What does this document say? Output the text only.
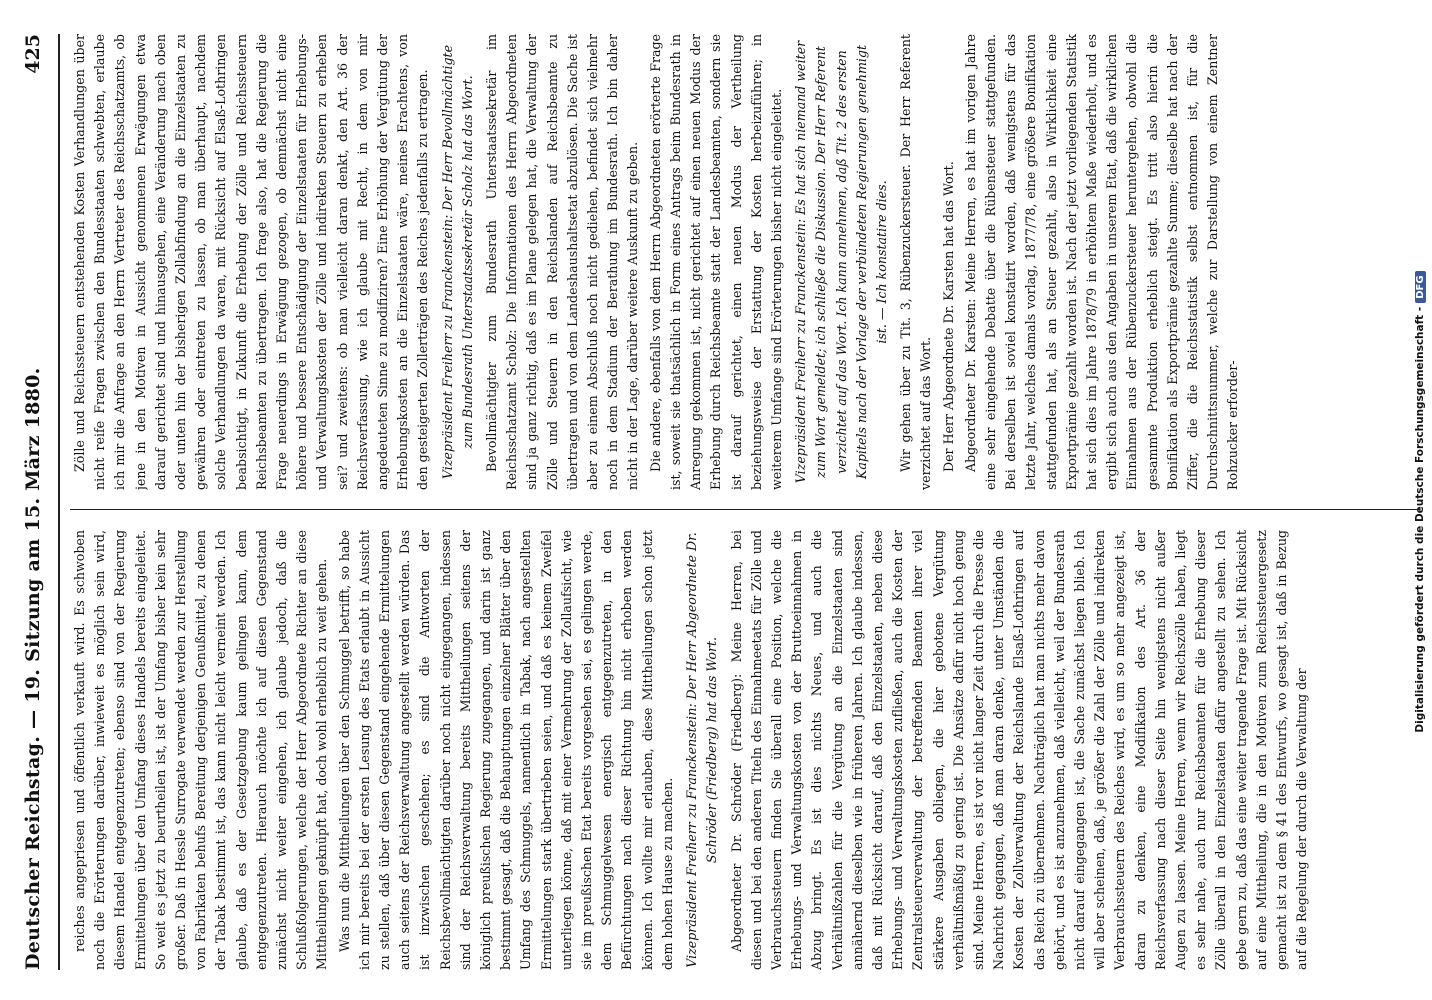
Deutscher Reichstag. — 19. Sitzung am 15. März 1880.
425

reiches angepriesen und öffentlich verkauft wird. Es schwoben noch die Erörterungen darüber, inwieweit es möglich sein wird, diesem Handel entgegenzutreten; ebenso sind von der Regierung Ermittelungen über den Umfang dieses Handels bereits eingeleitet. So weit es jetzt zu beurtheilen ist, ist der Umfang bisher kein sehr großer. Daß in Hessle Surrogate verwendet werden zur Herstellung von Fabrikaten behufs Bereitung derjenigen Genußmittel, zu denen der Tabak bestimmt ist, das kann nicht leicht verneint werden. Ich glaube, daß es der Gesetzgebung kaum gelingen kann, dem entgegenzutreten. Hierauch möchte ich auf diesen Gegenstand zunächst nicht weiter eingehen, ich glaube jedoch, daß die Schlußfolgerungen, welche der Herr Abgeordnete Richter an diese Mittheilungen geknüpft hat, doch wohl erheblich zu weit gehen. Was nun die Mittheilungen über den Schmuggel betrifft, so habe ich mir bereits bei der ersten Lesung des Etats erlaubt in Aussicht zu stellen, daß über diesen Gegenstand eingehende Ermittelungen auch seitens der Reichsverwaltung angestellt werden würden. Das ist inzwischen geschehen; es sind die Antworten der Reichsbevollmächtigten darüber noch nicht eingegangen, indessen sind der Reichsverwaltung bereits Mittheilungen seitens der königlich preußischen Regierung zugegangen, und darin ist ganz bestimmt gesagt, daß die Behauptungen einzelner Blätter über den Umfang des Schmuggels, namentlich in Tabak, nach angestellten Ermittelungen stark übertrieben seien, und daß es keinem Zweifel unterliegen könne, daß mit einer Vermehrung der Zollaufsicht, wie sie im preußischen Etat bereits vorgesehen sei, es gelingen werde, dem Schmuggelwesen energisch entgegenzutreten, in den Befürchtungen nach dieser Richtung hin nicht erhoben werden können. Ich wollte mir erlauben, diese Mittheilungen schon jetzt dem hohen Hause zu machen. Vizepräsident Freiherr zu Franckenstein: Der Herr Abgeordnete Dr. Schröder (Friedberg) hat das Wort. Abgeordneter Dr. Schröder (Friedberg): Meine Herren, bei diesen und bei den anderen Titeln des Einnahmeetats für Zölle und Verbrauchssteuern finden Sie überall eine Position, welche die Erhebungs- und Verwaltungskosten von der Bruttoeinnahmen in Abzug bringt. Es ist dies nichts Neues, und auch die Verhältnißzahlen für die Vergütung an die Einzelstaaten sind annähernd dieselben wie in früheren Jahren. Ich glaube indessen, daß mit Rücksicht darauf, daß den Einzelstaaten, neben diese Erhebungs- und Verwaltungskosten zufließen, auch die Kosten der Zentralsteuerverwaltung der betreffenden Beamten ihrer viel stärkere Ausgaben obliegen, die hier gebotene Vergütung verhältnißmäßig zu gering ist. Die Ansätze dafür nicht hoch genug sind. Meine Herren, es ist vor nicht langer Zeit durch die Presse die Nachricht gegangen, daß man daran denke, unter Umständen die Kosten der Zollverwaltung der Reichslande Elsaß-Lothringen auf das Reich zu übernehmen. Nachträglich hat man nichts mehr davon gehört, und es ist anzunehmen, daß vielleicht, weil der Bundesrath nicht darauf eingegangen ist, die Sache zunächst liegen blieb. Ich will aber scheinen, daß, je größer die Zahl der Zölle und indirekten Verbrauchssteuern des Reiches wird, es um so mehr angezeigt ist, daran zu denken, eine Modifikation des Art. 36 der Reichsverfassung nach dieser Seite hin wenigstens nicht außer Augen zu lassen. Meine Herren, wenn wir Reichszölle haben, liegt es sehr nahe, auch nur Reichsbeamten für die Erhebung dieser Zölle überall in den Einzelstaaten dafür angestellt zu sehen. Ich gebe gern zu, daß das eine weiter tragende Frage ist. Mit Rücksicht auf eine Mittheilung, die in den Motiven zum Reichssteuergesetz gemacht ist zu dem § 41 des Entwurfs, wo gesagt ist, daß in Bezug auf die Regelung der durch die Verwaltung der

Zölle und Reichssteuern entstehenden Kosten Verhandlungen über nicht reife Fragen zwischen den Bundesstaaten schwebten, erlaube ich mir die Anfrage an den Herrn Vertreter des Reichsschatzamts, ob jene in den Motiven in Aussicht genommenen Erwägungen etwa darauf gerichtet sind und hinausgehen, eine Veränderung nach oben oder unten hin der bisherigen Zollabfindung an die Einzelstaaten zu gewähren oder eintreten zu lassen, ob man überhaupt, nachdem solche Verhandlungen da waren, mit Rücksicht auf Elsaß-Lothringen beabsichtigt, in Zukunft die Erhebung der Zölle und Reichssteuern Reichsbeamten zu übertragen. Ich frage also, hat die Regierung die Frage neuerdings in Erwägung gezogen, ob demnächst nicht eine höhere und bessere Entschädigung der Einzelstaaten für Erhebungs- und Verwaltungskosten der Zölle und indirekten Steuern zu erheben sei? und zweitens: ob man vielleicht daran denkt, den Art. 36 der Reichsverfassung, wie ich glaube mit Recht, in dem von mir angedeuteten Sinne zu modifiziren? Eine Erhöhung der Vergütung der Erhebungskosten an die Einzelstaaten wäre, meines Erachtens, von den gesteigerten Zollerträgen des Reiches jedenfalls zu ertragen. Vizepräsident Freiherr zu Franckenstein: Der Herr Bevollmächtigte zum Bundesrath Unterstaatssekretär Scholz hat das Wort. Bevollmächtigter zum Bundesrath Unterstaatssekretär im Reichsschatzamt Scholz: Die Informationen des Herrn Abgeordneten sind ja ganz richtig, daß es im Plane gelegen hat, die Verwaltung der Zölle und Steuern in den Reichslanden auf Reichsbeamte zu übertragen und von dem Landeshaushaltsetat abzulösen. Die Sache ist aber zu einem Abschluß noch nicht gediehen, befindet sich vielmehr noch in dem Stadium der Berathung im Bundesrath. Ich bin daher nicht in der Lage, darüber weitere Auskunft zu geben. Die andere, ebenfalls von dem Herrn Abgeordneten erörterte Frage ist, soweit sie thatsächlich in Form eines Antrags beim Bundesrath in Anregung gekommen ist, nicht gerichtet auf einen neuen Modus der Erhebung durch Reichsbeamte statt der Landesbeamten, sondern sie ist darauf gerichtet, einen neuen Modus der Vertheilung beziehungsweise der Erstattung der Kosten herbeizuführen; in weiterem Umfange sind Erörterungen bisher nicht eingeleitet. Vizepräsident Freiherr zu Franckenstein: Es hat sich niemand weiter zum Wort gemeldet; ich schließe die Diskussion. Der Herr Referent verzichtet auf das Wort. Ich kann annehmen, daß Tit. 2 des ersten Kapitels nach der Vorlage der verbündeten Regierungen genehmigt ist. — Ich konstatire dies. Wir gehen über zu Tit. 3, Rübenzuckersteuer. Der Herr Referent verzichtet auf das Wort. Der Herr Abgeordnete Dr. Karsten hat das Wort. Abgeordneter Dr. Karsten: Meine Herren, es hat im vorigen Jahre eine sehr eingehende Debatte über die Rübensteuer stattgefunden. Bei derselben ist soviel konstatirt worden, daß wenigstens für das letzte Jahr, welches damals vorlag, 1877/78, eine größere Bonifikation stattgefunden hat, als an Steuer gezahlt, also in Wirklichkeit eine Exportprämie gezahlt worden ist. Nach der jetzt vorliegenden Statistik hat sich dies im Jahre 1878/79 in erhöhtem Maße wiederholt, und es ergibt sich auch aus den Angaben in unserem Etat, daß die wirklichen Einnahmen aus der Rübenzuckersteuer heruntergehen, obwohl die gesammte Produktion erheblich steigt. Es tritt also hierin die Bonifikation als Exportprämie gezahlte Summe; dieselbe hat nach der Ziffer, die die Reichsstatistik selbst entnommen ist, für die Durchschnittsnummer, welche zur Darstellung von einem Zentner Rohzucker erforder-	Digitalisierung gefördert durch die Deutsche Forschungsgemeinschaft -DFG
